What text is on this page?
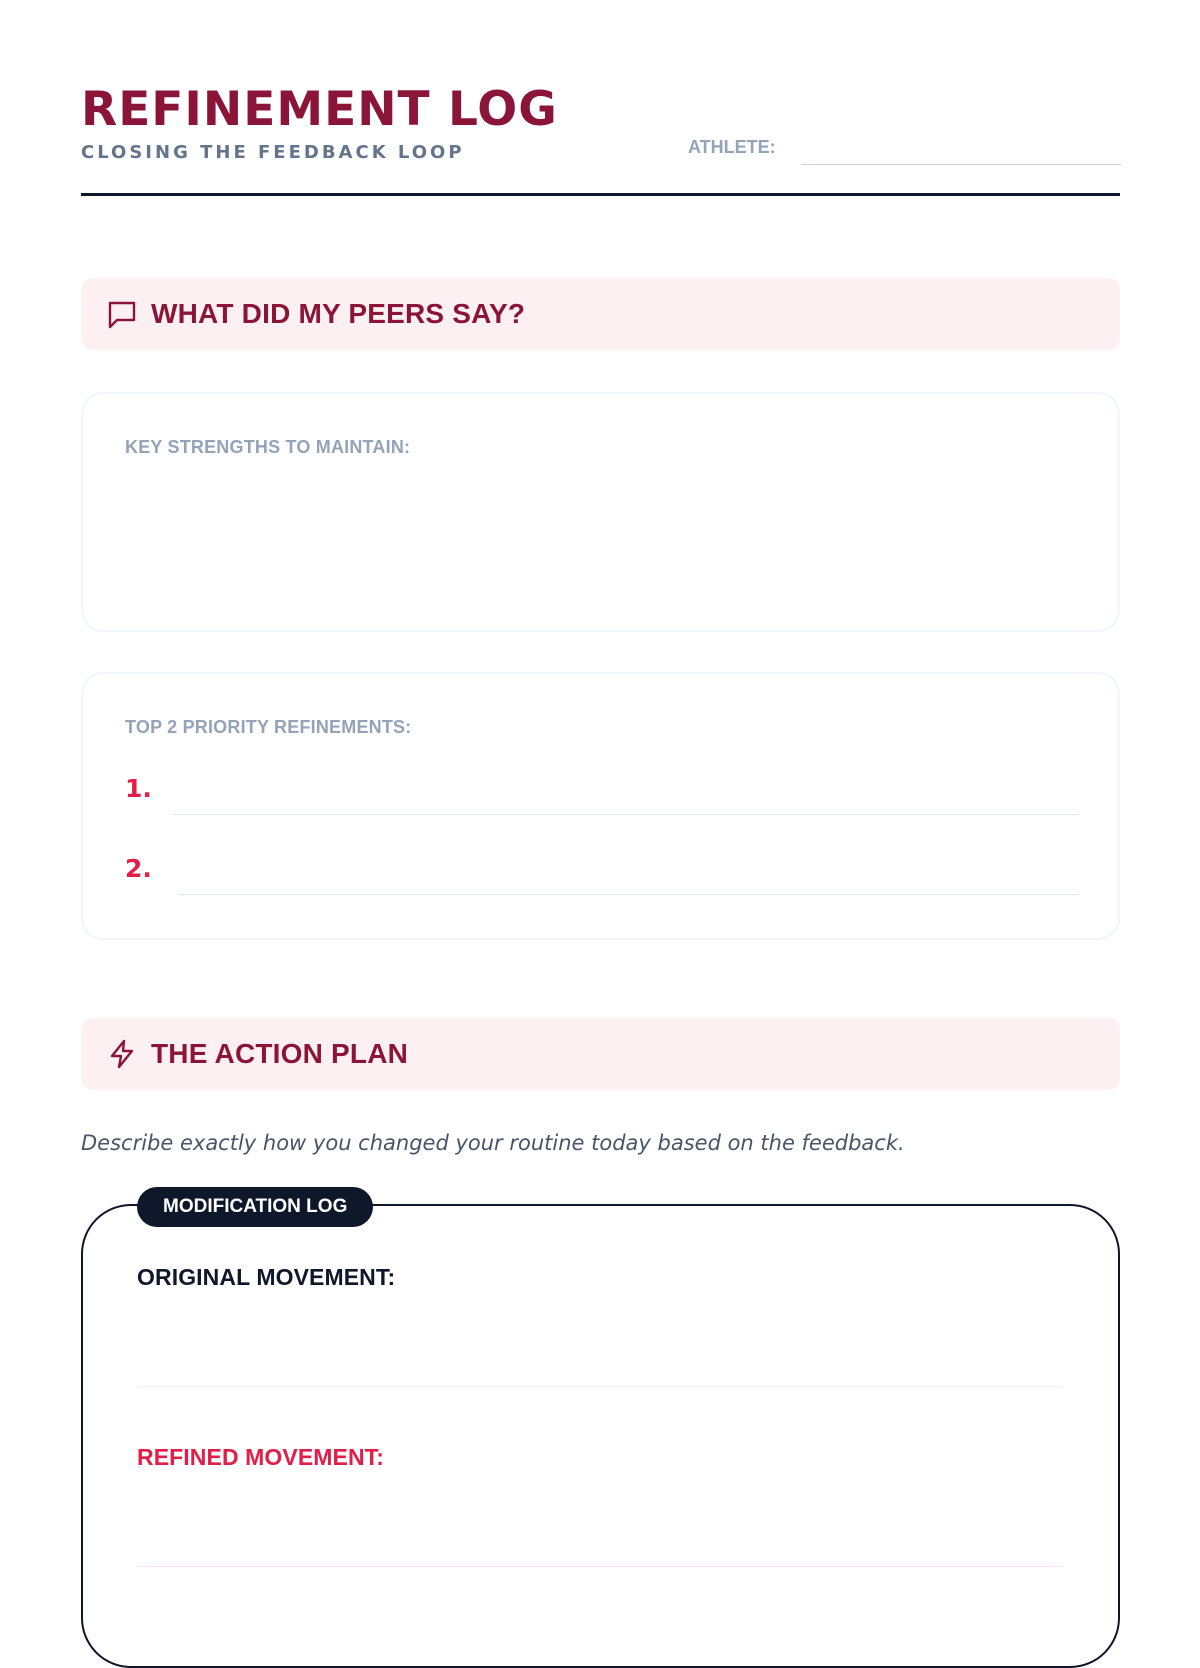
REFINEMENT LOG
CLOSING THE FEEDBACK LOOP	ATHLETE:
WHAT DID MY PEERS SAY?
KEY STRENGTHS TO MAINTAIN:
TOP 2 PRIORITY REFINEMENTS:
1.
2.
THE ACTION PLAN
Describe exactly how you changed your routine today based on the feedback.
MODIFICATION LOG
ORIGINAL MOVEMENT:
REFINED MOVEMENT:
